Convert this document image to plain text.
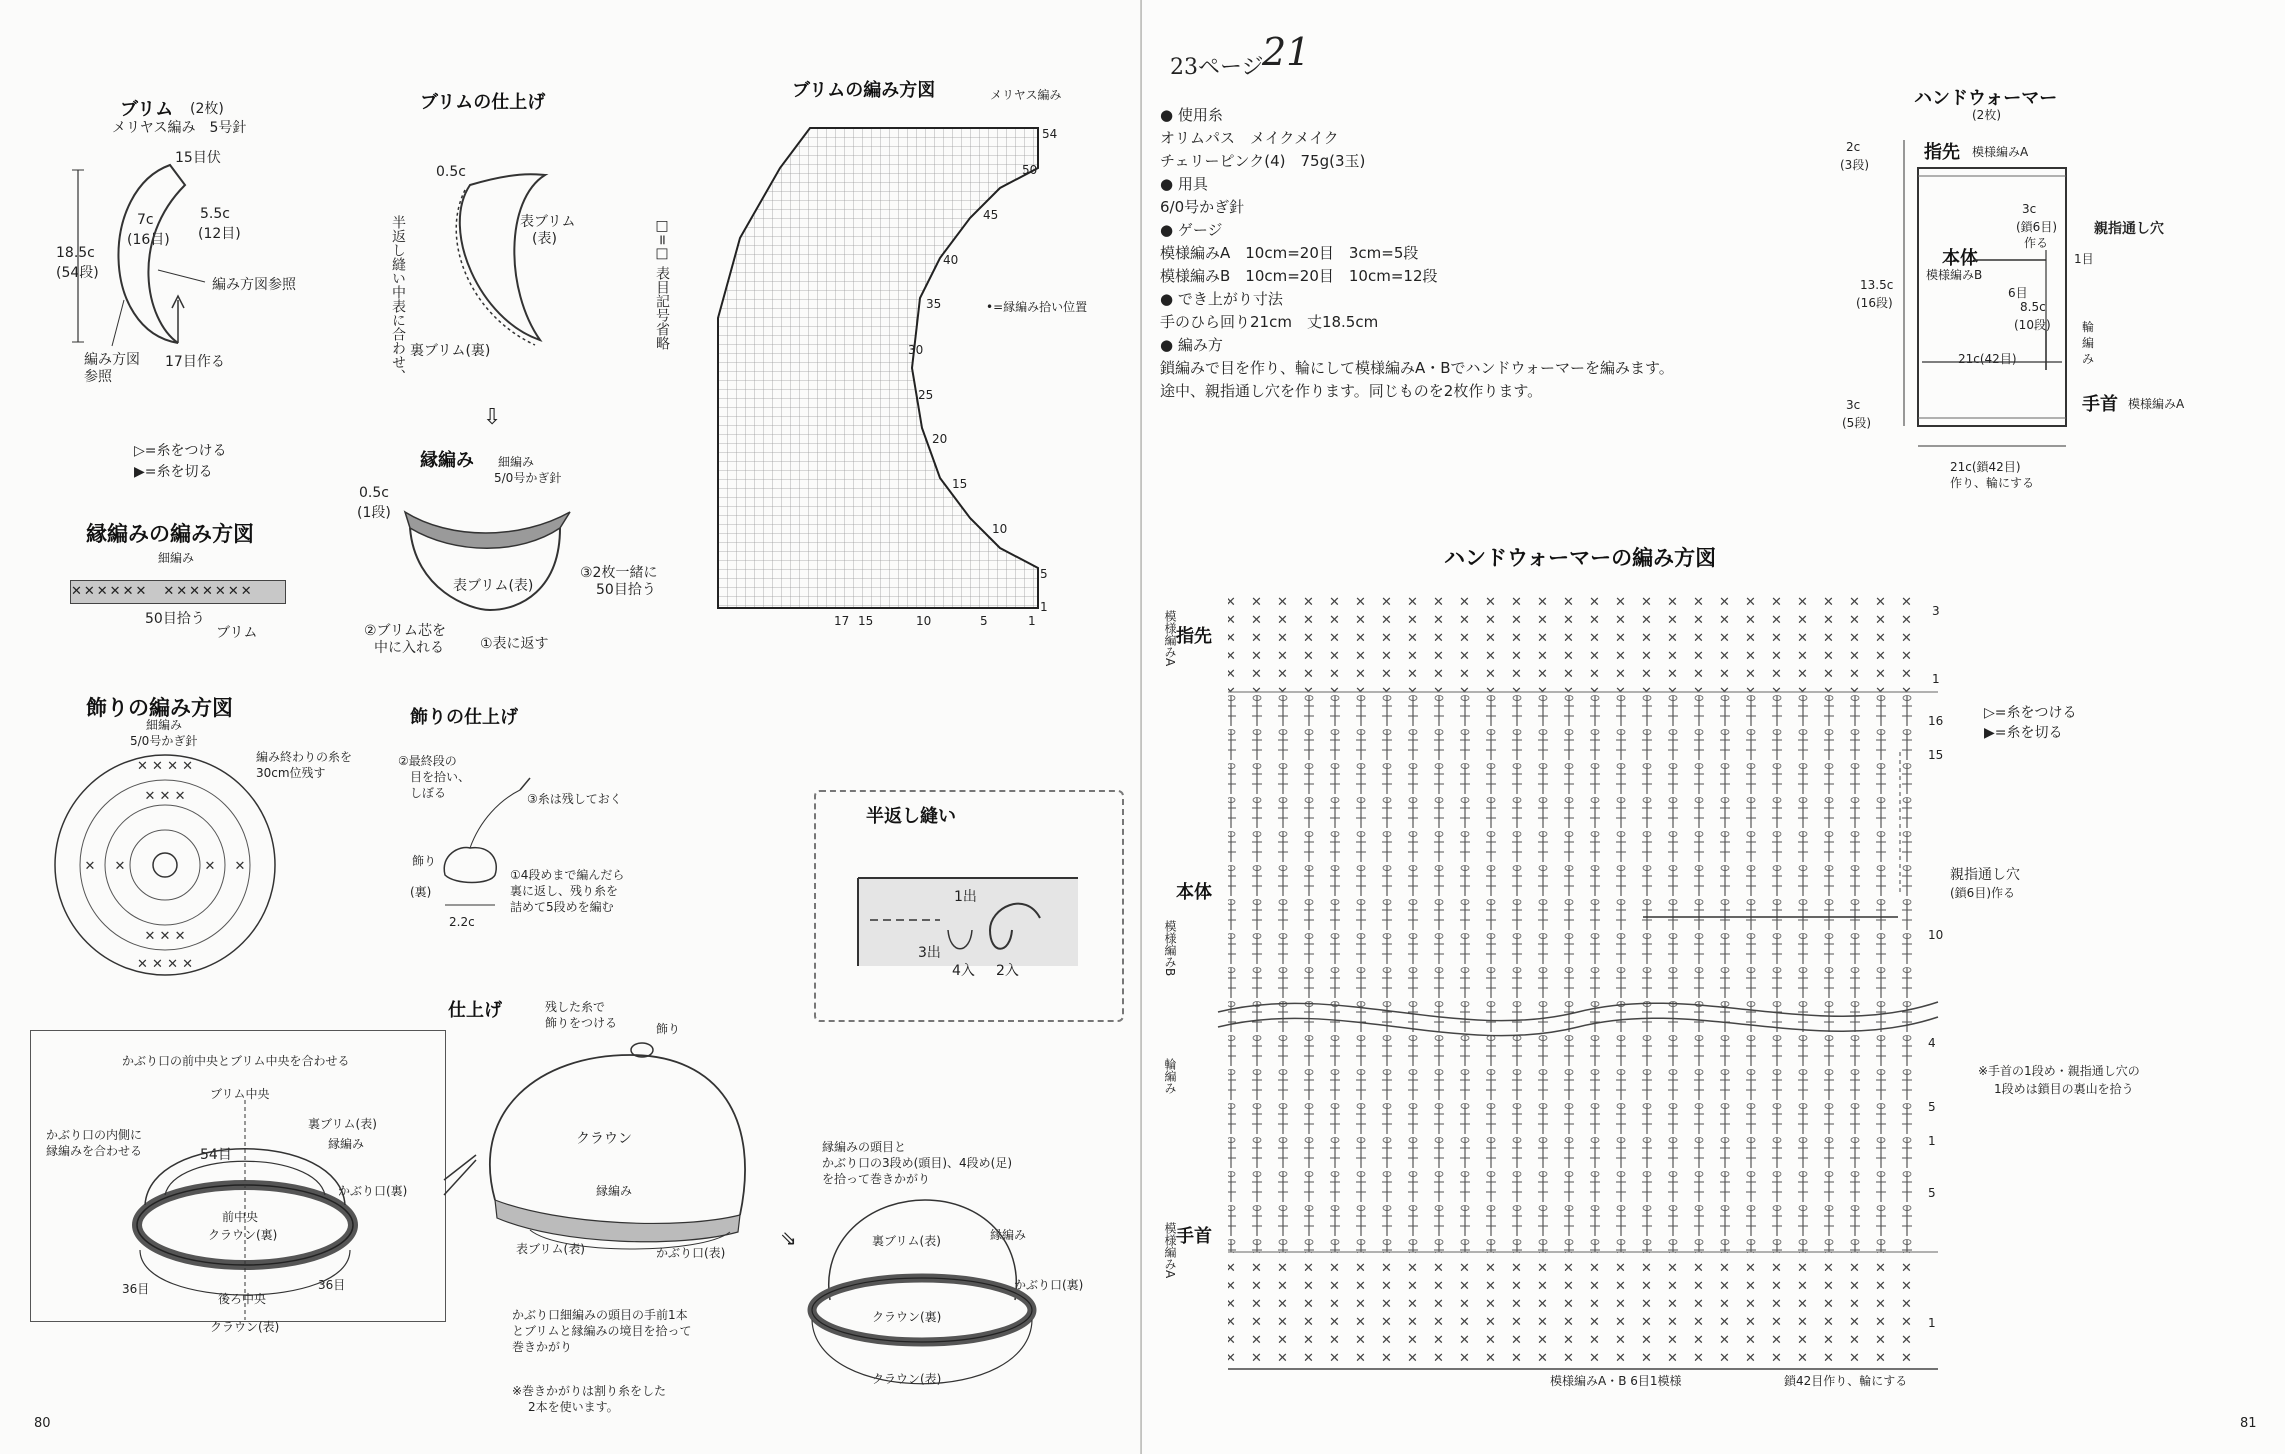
ブリム (2枚)
メリヤス編み　5号針
15目伏
18.5c
(54段)
7c
(16目)
5.5c
(12目)
編み方図参照
編み方図
参照
17目作る
ブリムの仕上げ
0.5c
表ブリム
(表)
裏ブリム(裏)
半返し縫い中表に合わせ、
⇩
□=□ 表目記号省略
ブリムの編み方図	メリヤス編み
54
50
45
40
35
30
25
20
15
10
5
1
17 15	10	5	1
•=縁編み拾い位置
▷=糸をつける
▶=糸を切る
縁編みの編み方図
細編み
✕✕✕✕✕✕　✕✕✕✕✕✕✕
50目拾う
ブリム
縁編み 細編み
5/0号かぎ針
0.5c
(1段)
表ブリム(表)
③2枚一緒に
50目拾う
②ブリム芯を
中に入れる	①表に返す
飾りの編み方図
細編み
5/0号かぎ針
編み終わりの糸を
30cm位残す
✕ ✕ ✕ ✕
✕ ✕ ✕ ✕
✕	✕
✕ ✕ ✕
✕ ✕ ✕
✕	✕
飾りの仕上げ
②最終段の
目を拾い、
しぼる	③糸は残しておく
飾り
(裏)
①4段めまで編んだら
裏に返し、残り糸を
詰めて5段めを編む
2.2c
半返し縫い
1出
3出
4入 2入
かぶり口の前中央とブリム中央を合わせる
ブリム中央
かぶり口の内側に
縁編みを合わせる	54目
裏ブリム(表)
縁編み
かぶり口(裏)
前中央
クラウン(裏)
36目	36目
後ろ中央
クラウン(表)
仕上げ	残した糸で
飾りをつける	飾り
クラウン
縁編み
表ブリム(表)	かぶり口(表)
かぶり口細編みの頭目の手前1本
とブリムと縁編みの境目を拾って
巻きかがり
※巻きかがりは割り糸をした
2本を使います。
縁編みの頭目と
かぶり口の3段め(頭目)、4段め(足)
を拾って巻きかがり
裏ブリム(表)	縁編み
かぶり口(裏)
クラウン(裏)
クラウン(表)
⇘
80
23ページ
21
● 使用糸
オリムパス　メイクメイク
チェリーピンク(4)　75g(3玉)
● 用具
6/0号かぎ針
● ゲージ
模様編みA　10cm=20目　3cm=5段
模様編みB　10cm=20目　10cm=12段
● でき上がり寸法
手のひら回り21cm　丈18.5cm
● 編み方
鎖編みで目を作り、輪にして模様編みA・Bでハンドウォーマーを編みます。
途中、親指通し穴を作ります。同じものを2枚作ります。
ハンドウォーマー
(2枚)
2c
(3段)
指先 模様編みA
本体
模様編みB
3c
(鎖6目)
作る
親指通し穴
1目
6目
13.5c
(16段)	8.5c
(10段)	輪
編
み
21c(42目)
3c
(5段)
手首 模様編みA
21c(鎖42目)
作り、輪にする
ハンドウォーマーの編み方図
指先
模様編みA
本体
模様編みB
輪編み
手首
模様編みA
3
1
16
15
10
5
4
1
5
1
▷=糸をつける
▶=糸を切る
親指通し穴
(鎖6目)作る
※手首の1段め・親指通し穴の
1段めは鎖目の裏山を拾う
模様編みA・B 6目1模様	鎖42目作り、輪にする
81
